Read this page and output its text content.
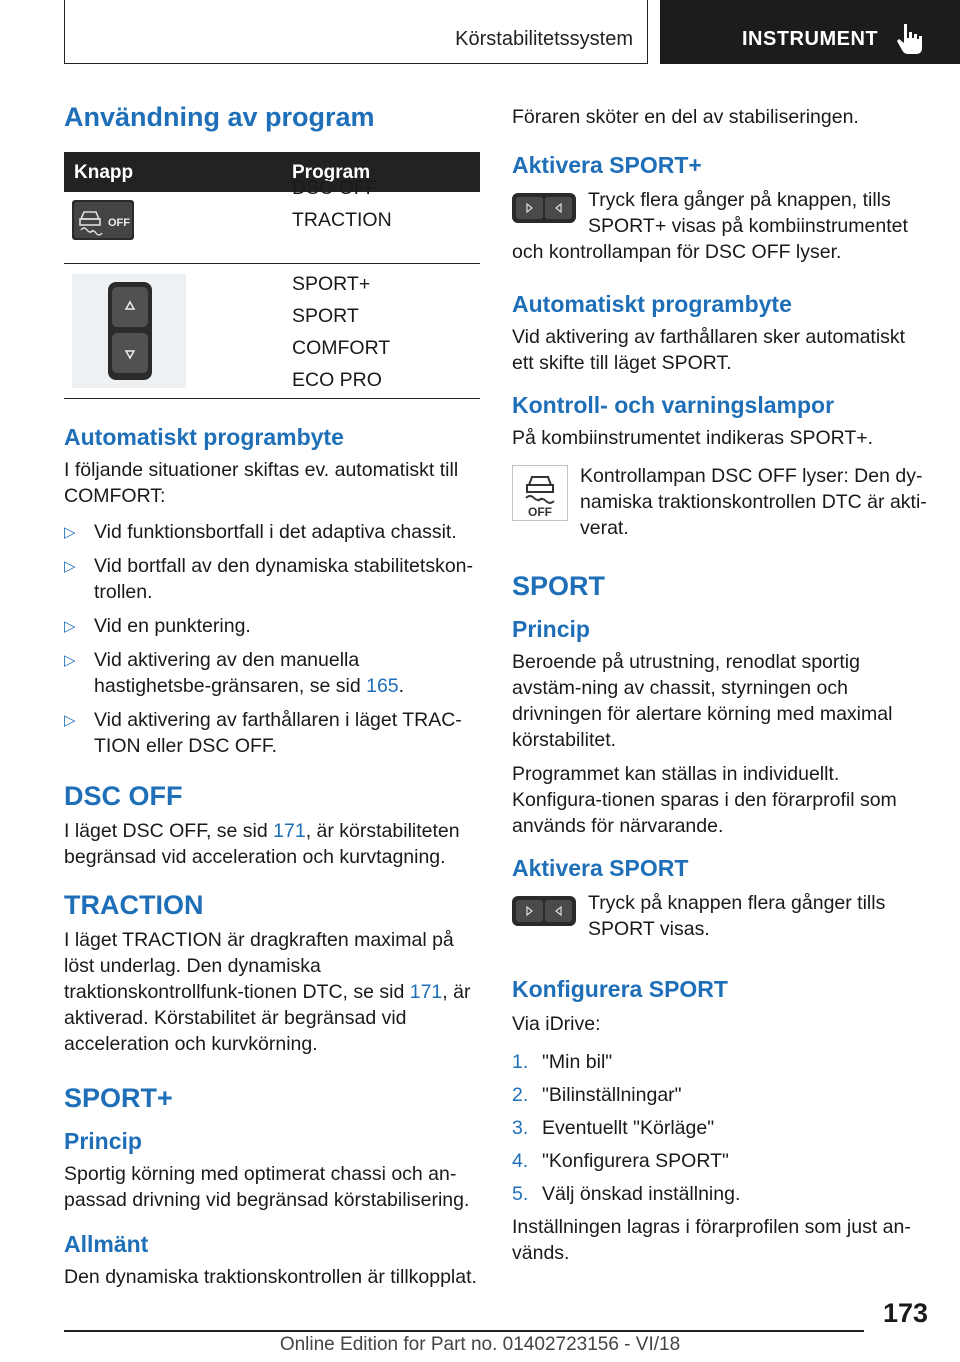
Körstabilitetssystem	INSTRUMENT
Användning av program
Knapp	Program
OFF
DSC OFF
TRACTION
SPORT+
SPORT
COMFORT
ECO PRO
Automatiskt programbyte

I följande situationer skiftas ev. automatiskt till COMFORT:

▷ Vid funktionsbortfall i det adaptiva chassit.
▷ Vid bortfall av den dynamiska stabilitetskon-trollen.
▷ Vid en punktering.
▷ Vid aktivering av den manuella hastighetsbe-gränsaren, se sid 165.
▷ Vid aktivering av farthållaren i läget TRAC-TION eller DSC OFF.
DSC OFF

I läget DSC OFF, se sid 171, är körstabiliteten begränsad vid acceleration och kurvtagning.

TRACTION

I läget TRACTION är dragkraften maximal på löst underlag. Den dynamiska traktionskontrollfunk-tionen DTC, se sid 171, är aktiverad. Körstabilitet är begränsad vid acceleration och kurvkörning.

SPORT+
Princip

Sportig körning med optimerat chassi och an-passad drivning vid begränsad körstabilisering.

Allmänt

Den dynamiska traktionskontrollen är tillkopplat.

Föraren sköter en del av stabiliseringen.

Aktivera SPORT+

Tryck flera gånger på knappen, tills SPORT+ visas på kombiinstrumentet och kontrollampan för DSC OFF lyser.

Automatiskt programbyte

Vid aktivering av farthållaren sker automatiskt ett skifte till läget SPORT.

Kontroll- och varningslampor

På kombiinstrumentet indikeras SPORT+.

OFF

Kontrollampan DSC OFF lyser: Den dy-namiska traktionskontrollen DTC är akti-verat.

SPORT
Princip

Beroende på utrustning, renodlat sportig avstäm-ning av chassit, styrningen och drivningen för alertare körning med maximal körstabilitet.

Programmet kan ställas in individuellt. Konfigura-tionen sparas i den förarprofil som används för närvarande.

Aktivera SPORT

Tryck på knappen flera gånger tills SPORT visas.

Konfigurera SPORT

Via iDrive:

1. "Min bil"
2. "Bilinställningar"
3. Eventuellt "Körläge"
4. "Konfigurera SPORT"
5. Välj önskad inställning.

Inställningen lagras i förarprofilen som just an-vänds.

173
Online Edition for Part no. 01402723156 - VI/18
